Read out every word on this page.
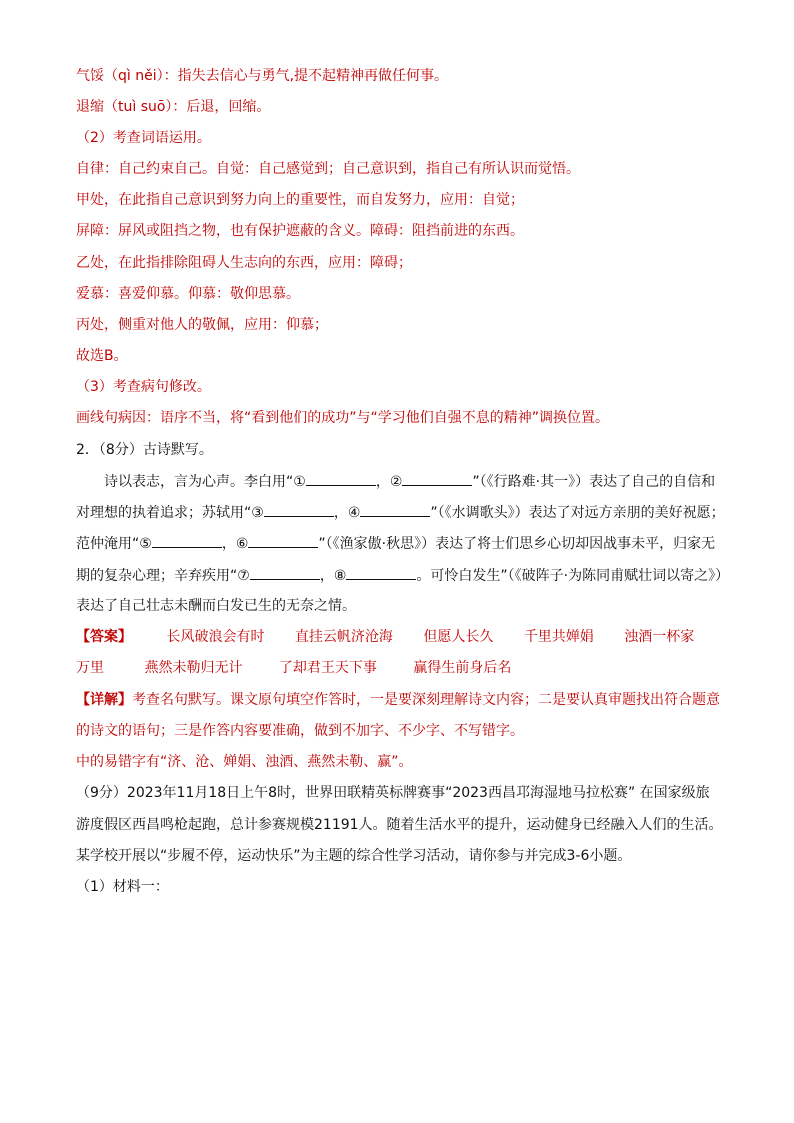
气馁（qì něi）：指失去信心与勇气,提不起精神再做任何事。
退缩（tuì suō）：后退，回缩。
（2）考查词语运用。
自律：自己约束自己。自觉：自己感觉到；自己意识到，指自己有所认识而觉悟。
甲处，在此指自己意识到努力向上的重要性，而自发努力，应用：自觉；
屏障：屏风或阻挡之物，也有保护遮蔽的含义。障碍：阻挡前进的东西。
乙处，在此指排除阻碍人生志向的东西，应用：障碍；
爱慕：喜爱仰慕。仰慕：敬仰思慕。
丙处，侧重对他人的敬佩，应用：仰慕；
故选B。
（3）考查病句修改。
画线句病因：语序不当，将“看到他们的成功”与“学习他们自强不息的精神”调换位置。
2．（8分）古诗默写。
诗以表志，言为心声。李白用“①	，②	”（《行路难·其一》）表达了自己的自信和
对理想的执着追求；苏轼用“③	，④	”（《水调歌头》）表达了对远方亲朋的美好祝愿；
范仲淹用“⑤	，⑥	”（《渔家傲·秋思》）表达了将士们思乡心切却因战事未平，归家无
期的复杂心理；辛弃疾用“⑦	，⑧	。可怜白发生”（《破阵子·为陈同甫赋壮词以寄之》）
表达了自己壮志未酬而白发已生的无奈之情。
【答案】 长风破浪会有时 直挂云帆济沧海 但愿人长久 千里共婵娟 浊酒一杯家
万里	燕然未勒归无计	了却君王天下事	赢得生前身后名
【详解】考查名句默写。课文原句填空作答时，一是要深刻理解诗文内容；二是要认真审题找出符合题意
的诗文的语句；三是作答内容要准确，做到不加字、不少字、不写错字。
中的易错字有“济、沧、婵娟、浊酒、燕然未勒、赢”。
（9分）2023年11月18日上午8时，世界田联精英标牌赛事“2023西昌邛海湿地马拉松赛” 在国家级旅
游度假区西昌鸣枪起跑，总计参赛规模21191人。随着生活水平的提升，运动健身已经融入人们的生活。
某学校开展以“步履不停，运动快乐”为主题的综合性学习活动，请你参与并完成3-6小题。
（1）材料一：
